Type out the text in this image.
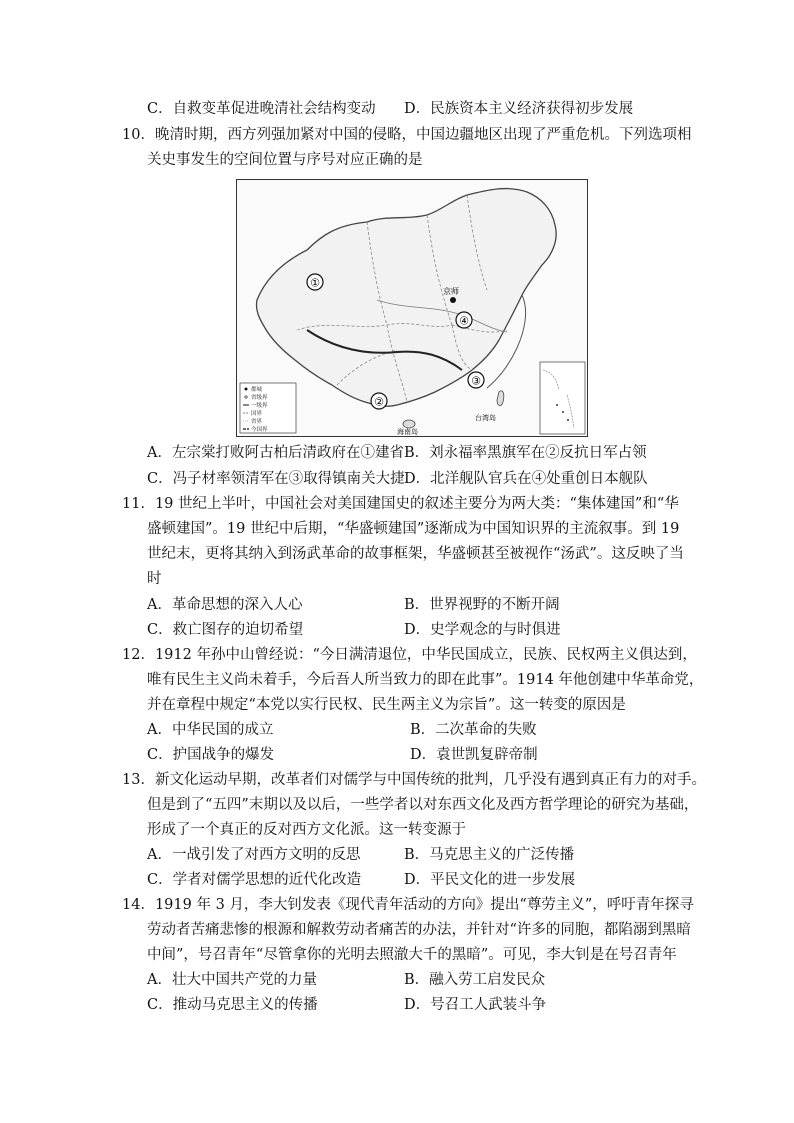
C．自救变革促进晚清社会结构变动 D．民族资本主义经济获得初步发展
10．晚清时期，西方列强加紧对中国的侵略，中国边疆地区出现了严重危机。下列选项相
关史事发生的空间位置与序号对应正确的是
①
②
③
④
京师
台湾岛
海南岛
都城
省级界
一级界
国界
省界
今国界
A．左宗棠打败阿古柏后清政府在①建省 B．刘永福率黑旗军在②反抗日军占领
C．冯子材率领清军在③取得镇南关大捷 D．北洋舰队官兵在④处重创日本舰队
11．19 世纪上半叶，中国社会对美国建国史的叙述主要分为两大类：“集体建国”和“华
盛顿建国”。19 世纪中后期，“华盛顿建国”逐渐成为中国知识界的主流叙事。到 19
世纪末，更将其纳入到汤武革命的故事框架，华盛顿甚至被视作“汤武”。这反映了当
时
A．革命思想的深入人心	B．世界视野的不断开阔
C．救亡图存的迫切希望	D．史学观念的与时俱进
12．1912 年孙中山曾经说：“今日满清退位，中华民国成立，民族、民权两主义俱达到，
唯有民生主义尚未着手，今后吾人所当致力的即在此事”。1914 年他创建中华革命党，
并在章程中规定“本党以实行民权、民生两主义为宗旨”。这一转变的原因是
A．中华民国的成立	B．二次革命的失败
C．护国战争的爆发	D．袁世凯复辟帝制
13．新文化运动早期，改革者们对儒学与中国传统的批判，几乎没有遇到真正有力的对手。
但是到了“五四”末期以及以后，一些学者以对东西文化及西方哲学理论的研究为基础，
形成了一个真正的反对西方文化派。这一转变源于
A．一战引发了对西方文明的反思	B．马克思主义的广泛传播
C．学者对儒学思想的近代化改造	D．平民文化的进一步发展
14．1919 年 3 月，李大钊发表《现代青年活动的方向》提出“尊劳主义”，呼吁青年探寻
劳动者苦痛悲惨的根源和解救劳动者痛苦的办法，并针对“许多的同胞，都陷溺到黑暗
中间”，号召青年“尽管拿你的光明去照澈大千的黑暗”。可见，李大钊是在号召青年
A．壮大中国共产党的力量	B．融入劳工启发民众
C．推动马克思主义的传播	D．号召工人武装斗争
